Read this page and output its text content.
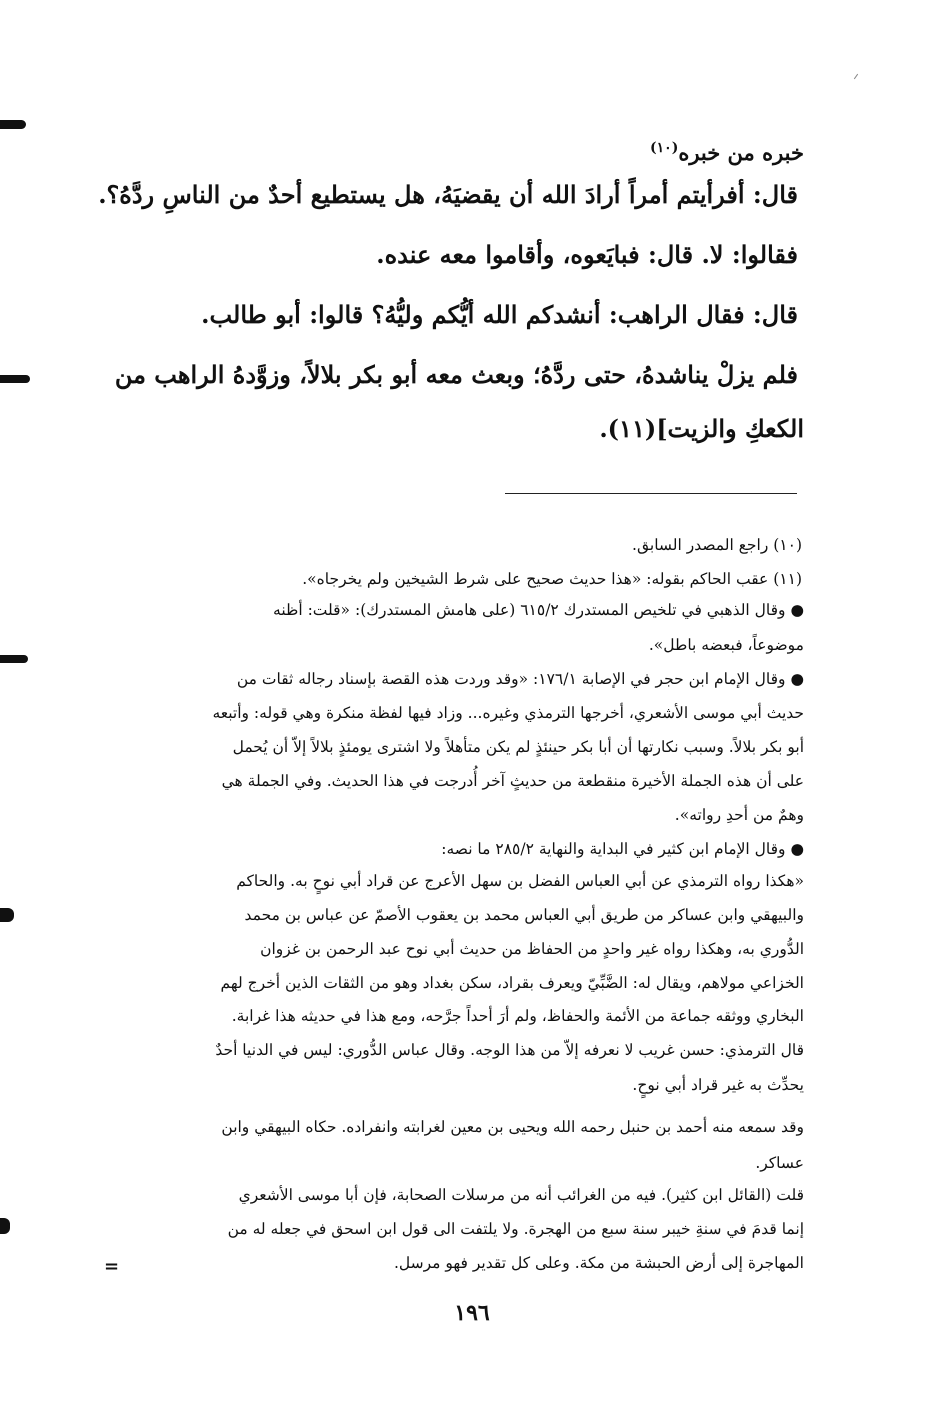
خبره من خبره$^{(١٠)}$
قال: أفرأيتم أمراً أرادَ الله أن يقضيَهُ، هل يستطيع أحدٌ من الناسِ ردَّهُ؟.
فقالوا: لا. قال: فبايَعوه، وأقاموا معه عنده.
قال: فقال الراهب: أنشدكم الله أيُّكم وليُّهُ؟ قالوا: أبو طالب.
فلم يزلْ يناشدهُ، حتى ردَّهُ؛ وبعث معه أبو بكر بلالاً، وزوَّدهُ الراهب من
الكعكِ والزيت](١١).
(١٠) راجع المصدر السابق.
(١١) عقب الحاكم بقوله: «هذا حديث صحيح على شرط الشيخين ولم يخرجاه».
● وقال الذهبي في تلخيص المستدرك ٦١٥/٢ (على هامش المستدرك): «قلت: أظنه
موضوعاً، فبعضه باطل».
● وقال الإمام ابن حجر في الإصابة ١٧٦/١: «وقد وردت هذه القصة بإسناد رجاله ثقات من
حديث أبي موسى الأشعري، أخرجها الترمذي وغيره... وزاد فيها لفظة منكرة وهي قوله: وأتبعه
أبو بكر بلالاً. وسبب نكارتها أن أبا بكر حينئذٍ لم يكن متأهلاً ولا اشترى يومئذٍ بلالاً إلاّ أن يُحمل
على أن هذه الجملة الأخيرة منقطعة من حديثٍ آخر أُدرجت في هذا الحديث. وفي الجملة هي
وهمٌ من أحدِ رواته».
● وقال الإمام ابن كثير في البداية والنهاية ٢٨٥/٢ ما نصه:
«هكذا رواه الترمذي عن أبي العباس الفضل بن سهل الأعرج عن قراد أبي نوحٍ به. والحاكم
والبيهقي وابن عساكر من طريق أبي العباس محمد بن يعقوب الأصمّ عن عباس بن محمد
الدُّوري به، وهكذا رواه غير واحدٍ من الحفاظ من حديث أبي نوح عبد الرحمن بن غزوان
الخزاعي مولاهم، ويقال له: الضَّبِّيّ ويعرف بقراد، سكن بغداد وهو من الثقات الذين أخرج لهم
البخاري ووثقه جماعة من الأئمة والحفاظ، ولم أرَ أحداً جرَّحه، ومع هذا في حديثه هذا غرابة.
قال الترمذي: حسن غريب لا نعرفه إلاّ من هذا الوجه. وقال عباس الدُّوري: ليس في الدنيا أحدٌ
يحدِّث به غير قراد أبي نوحٍ.
وقد سمعه منه أحمد بن حنبل رحمه الله ويحيى بن معين لغرابته وانفراده. حكاه البيهقي وابن
عساكر.
قلت (القائل ابن كثير). فيه من الغرائب أنه من مرسلات الصحابة، فإن أبا موسى الأشعري
إنما قدمَ في سنةِ خيبر سنة سبع من الهجرة. ولا يلتفت الى قول ابن اسحق في جعله له من
المهاجرة إلى أرض الحبشة من مكة. وعلى كل تقدير فهو مرسل.
=
١٩٦
